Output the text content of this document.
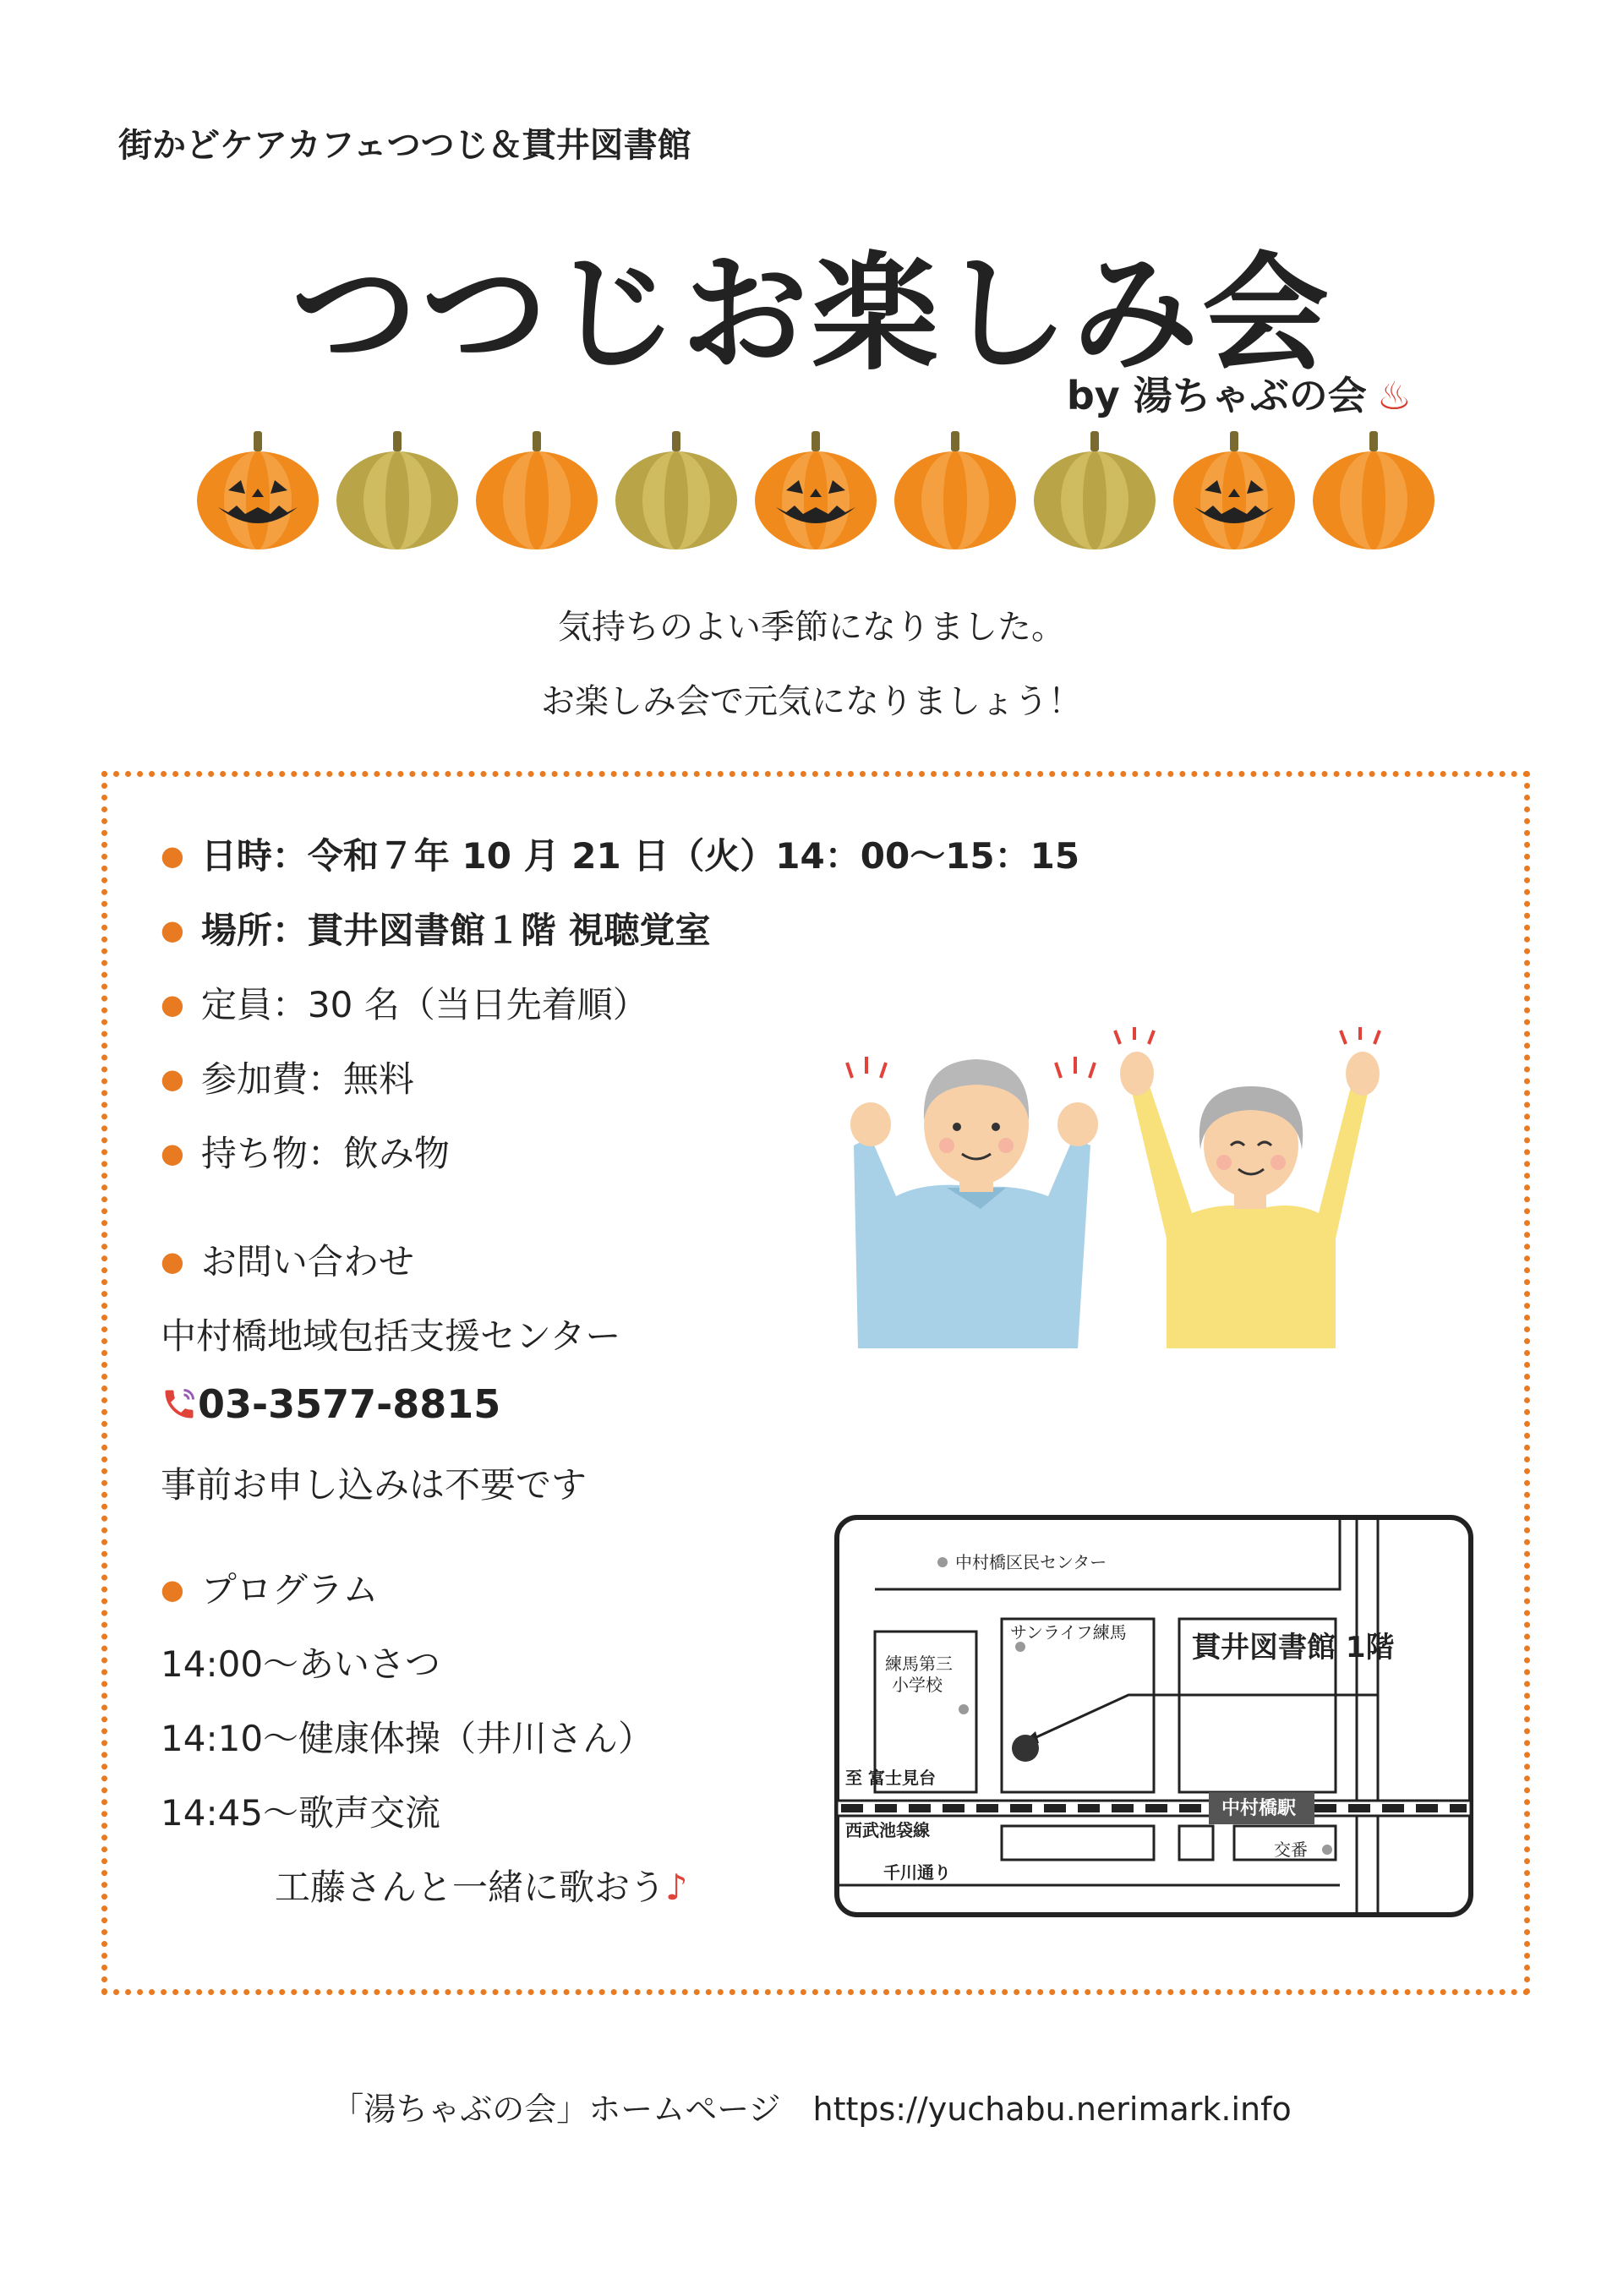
街かどケアカフェつつじ＆貫井図書館
つつじお楽しみ会
by 湯ちゃぶの会 ♨
気持ちのよい季節になりました。
お楽しみ会で元気になりましょう！
● 日時：令和７年 10 月 21 日（火）14：00〜15：15
● 場所：貫井図書館１階 視聴覚室
● 定員：30 名（当日先着順）
● 参加費：無料
● 持ち物：飲み物
● お問い合わせ
中村橋地域包括支援センター
03-3577-8815
事前お申し込みは不要です
● プログラム
14:00〜あいさつ
14:10〜健康体操（井川さん）
14:45〜歌声交流
工藤さんと一緒に歌おう♪
中村橋区民センター
練馬第三
小学校
サンライフ練馬 貫井図書館 1階
至 富士見台
西武池袋線
中村橋駅
交番
千川通り
「湯ちゃぶの会」ホームページ　https://yuchabu.nerimark.info
